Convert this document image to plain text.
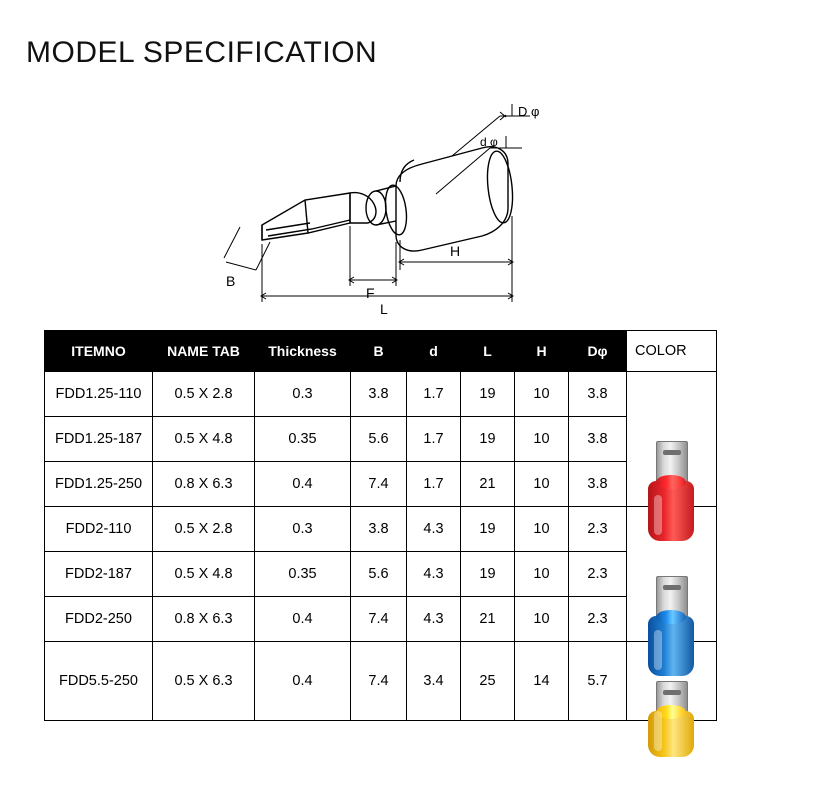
MODEL SPECIFICATION
D φ
d φ
B
F
H
L
ITEMNO	NAME TAB	Thickness	B	d	L	H	Dφ	COLOR
FDD1.25-110	0.5 X 2.8	0.3	3.8	1.7	19	10	3.8	

FDD1.25-187	0.5 X 4.8	0.35	5.6	1.7	19	10	3.8	
FDD1.25-250	0.8 X 6.3	0.4	7.4	1.7	21	10	3.8	
FDD2-110	0.5 X 2.8	0.3	3.8	4.3	19	10	2.3	

FDD2-187	0.5 X 4.8	0.35	5.6	4.3	19	10	2.3	
FDD2-250	0.8 X 6.3	0.4	7.4	4.3	21	10	2.3	
FDD5.5-250	0.5 X 6.3	0.4	7.4	3.4	25	14	5.7	
